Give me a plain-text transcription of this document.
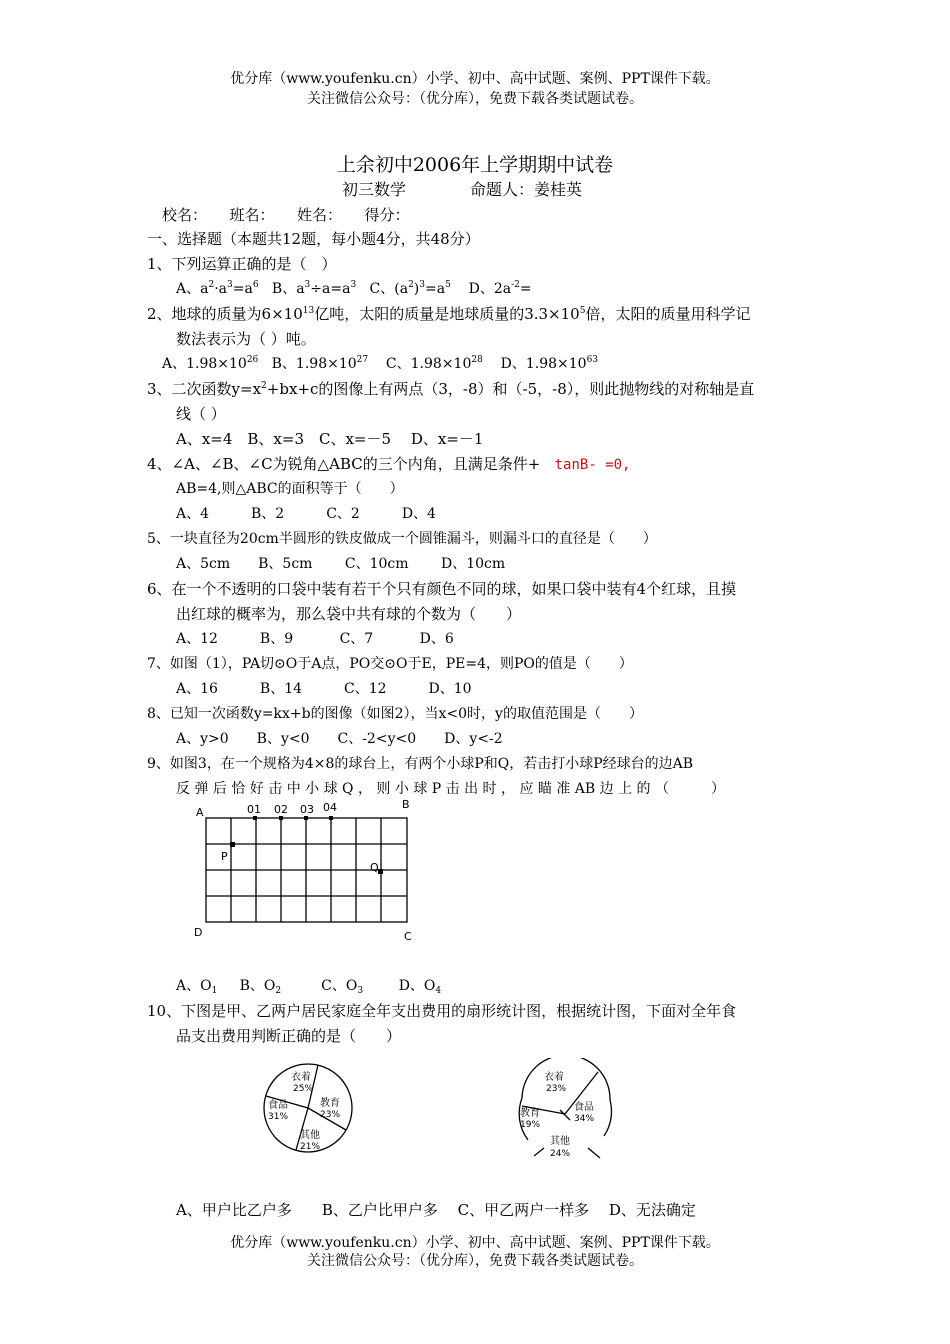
优分库（www.youfenku.cn）小学、初中、高中试题、案例、PPT课件下载。
关注微信公众号：（优分库），免费下载各类试题试卷。
上余初中2006年上学期期中试卷
初三数学　　　　命题人：姜桂英
校名：　　班名：　　姓名：　　得分：
一、选择题（本题共12题，每小题4分，共48分）
1、下列运算正确的是（　）
A、$a^2\cdot a^3=a^6$ B、$a^3\div a=a^3$ C、$(a^2)^3=a^5$ D、$2a^{-2}=$
2、地球的质量为$6\times 10^{13}$亿吨，太阳的质量是地球质量的$3.3\times 10^5$倍，太阳的质量用科学记
数法表示为（ ）吨。
A、$1.98\times 10^{26}$ B、$1.98\times 10^{27}$ C、$1.98\times 10^{28}$ D、$1.98\times 10^{63}$
3、二次函数$y=x^2+bx+c$的图像上有两点（3，-8）和（-5，-8），则此抛物线的对称轴是直
线（ ）
A、x=4　B、x=3　C、x=－5　 D、x=－1
4、∠A、∠B、∠C为锐角△ABC的三个内角，且满足条件+ tanB- =0,
AB=4,则△ABC的面积等于（　　）
A、4　　　B、2　　　C、2　　　D、4
5、一块直径为20cm半圆形的铁皮做成一个圆锥漏斗，则漏斗口的直径是（　　）
A、5cm　　B、5cm　　 C、10cm　　 D、10cm
6、在一个不透明的口袋中装有若干个只有颜色不同的球，如果口袋中装有4个红球，且摸
出红球的概率为，那么袋中共有球的个数为（　　）
A、12　　　B、9　　　 C、7　　　 D、6
7、如图（1），PA切⊙O于A点，PO交⊙O于E，PE=4，则PO的值是（　　）
A、16　　　B、14　　　C、12　　　D、10
8、已知一次函数y=kx+b的图像（如图2），当x<0时，y的取值范围是（　　）
A、y>0　　B、y<0　　C、-2<y<0　　D、y<-2
9、如图3，在一个规格为4×8的球台上，有两个小球P和Q，若击打小球P经球台的边AB
反 弹 后 恰 好 击 中 小 球 Q ， 则 小 球 P 击 出 时 ， 应 瞄 准 AB 边 上 的 （　　　）
A
B
C
D
P
Q
01 02 03 04
A、$O_1$ B、$O_2$	C、$O_3$	D、$O_4$
10、下图是甲、乙两户居民家庭全年支出费用的扇形统计图，根据统计图，下面对全年食
品支出费用判断正确的是（　　）
衣着
25%
食品
31%
教育
23%
其他
21%
衣着
23%
教育
19%
食品
34%
其他
24%
A、甲户比乙户多　　B、乙户比甲户多　 C、甲乙两户一样多　 D、无法确定
优分库（www.youfenku.cn）小学、初中、高中试题、案例、PPT课件下载。
关注微信公众号：（优分库），免费下载各类试题试卷。
